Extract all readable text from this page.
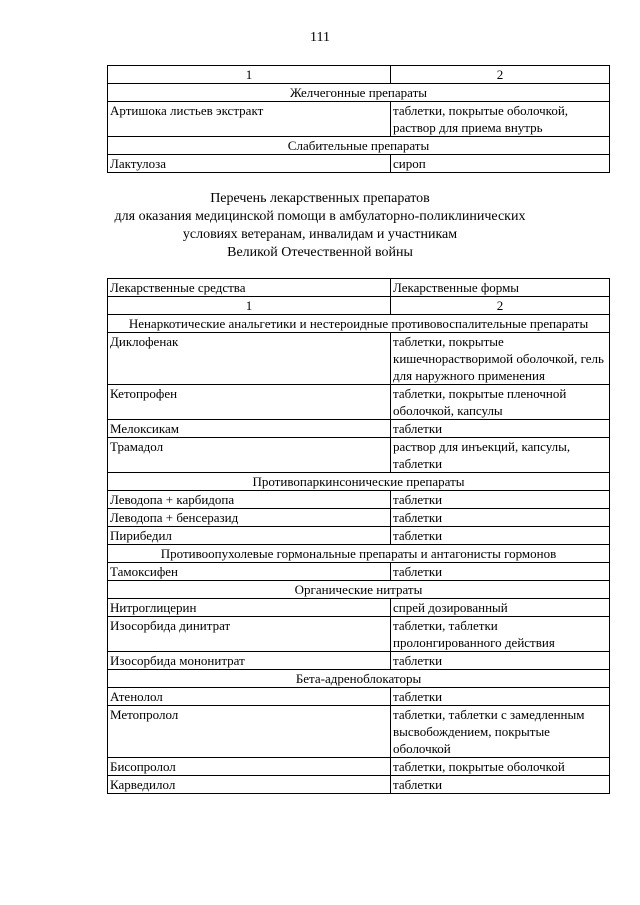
111
1	2
Желчегонные препараты	
Артишока листьев экстракт	таблетки, покрытые оболочкой, раствор для приема внутрь
Слабительные препараты	
Лактулоза	сироп
Перечень лекарственных препаратов
для оказания медицинской помощи в амбулаторно-поликлинических
условиях ветеранам, инвалидам и участникам
Великой Отечественной войны
Лекарственные средства	Лекарственные формы
1	2
Ненаркотические анальгетики и нестероидные противовоспалительные препараты	
Диклофенак	таблетки, покрытые кишечнорастворимой оболочкой, гель для наружного применения
Кетопрофен	таблетки, покрытые пленочной оболочкой, капсулы
Мелоксикам	таблетки
Трамадол	раствор для инъекций, капсулы, таблетки
Противопаркинсонические препараты	
Леводопа + карбидопа	таблетки
Леводопа + бенсеразид	таблетки
Пирибедил	таблетки
Противоопухолевые гормональные препараты и антагонисты гормонов	
Тамоксифен	таблетки
Органические нитраты	
Нитроглицерин	спрей дозированный
Изосорбида динитрат	таблетки, таблетки пролонгированного действия
Изосорбида мононитрат	таблетки
Бета-адреноблокаторы	
Атенолол	таблетки
Метопролол	таблетки, таблетки с замедленным высвобождением, покрытые оболочкой
Бисопролол	таблетки, покрытые оболочкой
Карведилол	таблетки
